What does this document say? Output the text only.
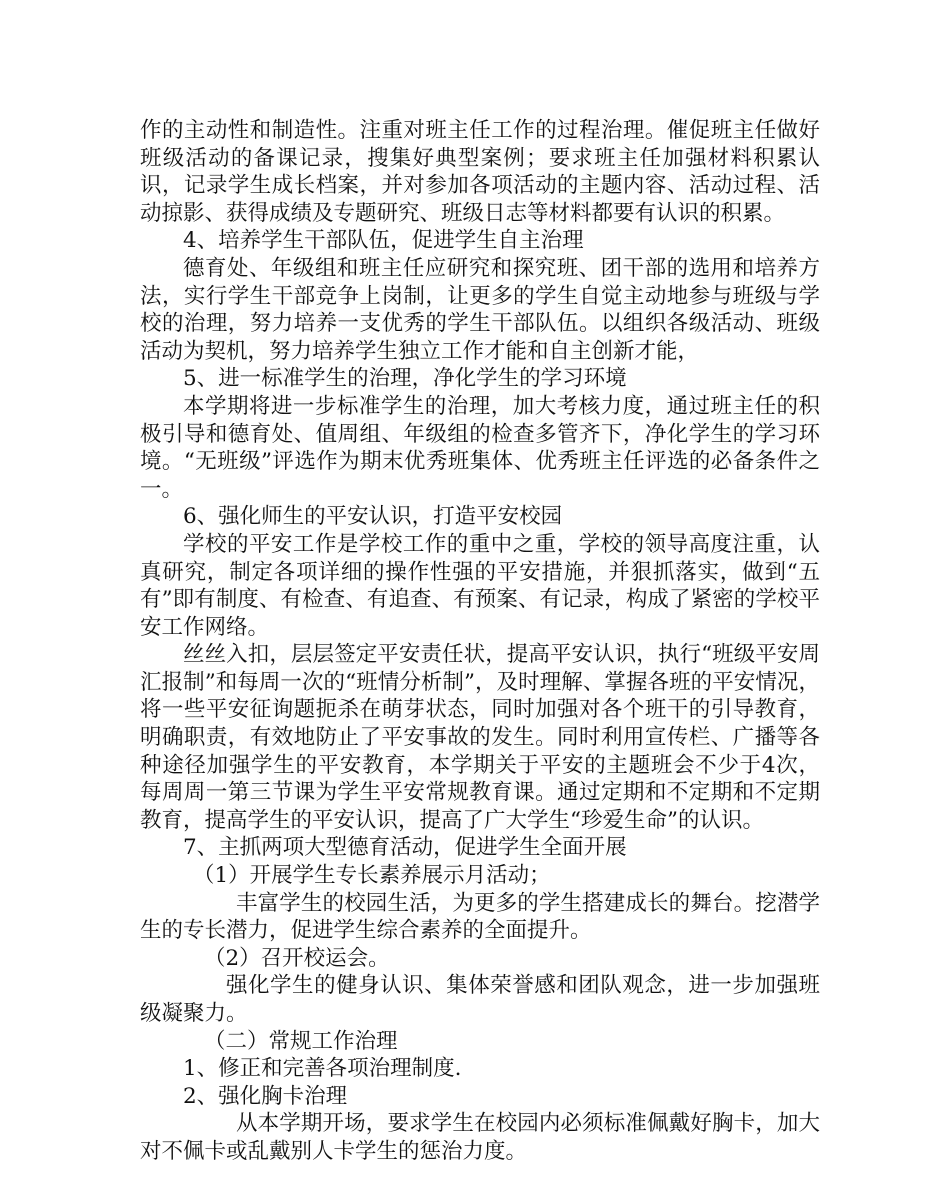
作的主动性和制造性。注重对班主任工作的过程治理。催促班主任做好班级活动的备课记录，搜集好典型案例；要求班主任加强材料积累认识，记录学生成长档案，并对参加各项活动的主题内容、活动过程、活动掠影、获得成绩及专题研究、班级日志等材料都要有认识的积累。

4、培养学生干部队伍，促进学生自主治理

德育处、年级组和班主任应研究和探究班、团干部的选用和培养方法，实行学生干部竞争上岗制，让更多的学生自觉主动地参与班级与学校的治理，努力培养一支优秀的学生干部队伍。以组织各级活动、班级活动为契机，努力培养学生独立工作才能和自主创新才能，

5、进一标准学生的治理，净化学生的学习环境

本学期将进一步标准学生的治理，加大考核力度，通过班主任的积极引导和德育处、值周组、年级组的检查多管齐下，净化学生的学习环境。“无班级”评选作为期末优秀班集体、优秀班主任评选的必备条件之一。

6、强化师生的平安认识，打造平安校园

学校的平安工作是学校工作的重中之重，学校的领导高度注重，认真研究，制定各项详细的操作性强的平安措施，并狠抓落实，做到“五有”即有制度、有检查、有追查、有预案、有记录，构成了紧密的学校平安工作网络。

丝丝入扣，层层签定平安责任状，提高平安认识，执行“班级平安周汇报制”和每周一次的“班情分析制”，及时理解、掌握各班的平安情况，将一些平安征询题扼杀在萌芽状态，同时加强对各个班干的引导教育，明确职责，有效地防止了平安事故的发生。同时利用宣传栏、广播等各种途径加强学生的平安教育，本学期关于平安的主题班会不少于4次，每周周一第三节课为学生平安常规教育课。通过定期和不定期和不定期教育，提高学生的平安认识，提高了广大学生“珍爱生命”的认识。

7、主抓两项大型德育活动，促进学生全面开展

（1）开展学生专长素养展示月活动；

丰富学生的校园生活，为更多的学生搭建成长的舞台。挖潜学生的专长潜力，促进学生综合素养的全面提升。

（2）召开校运会。

强化学生的健身认识、集体荣誉感和团队观念，进一步加强班级凝聚力。

（二）常规工作治理

1、修正和完善各项治理制度.

2、强化胸卡治理

从本学期开场，要求学生在校园内必须标准佩戴好胸卡，加大对不佩卡或乱戴别人卡学生的惩治力度。
